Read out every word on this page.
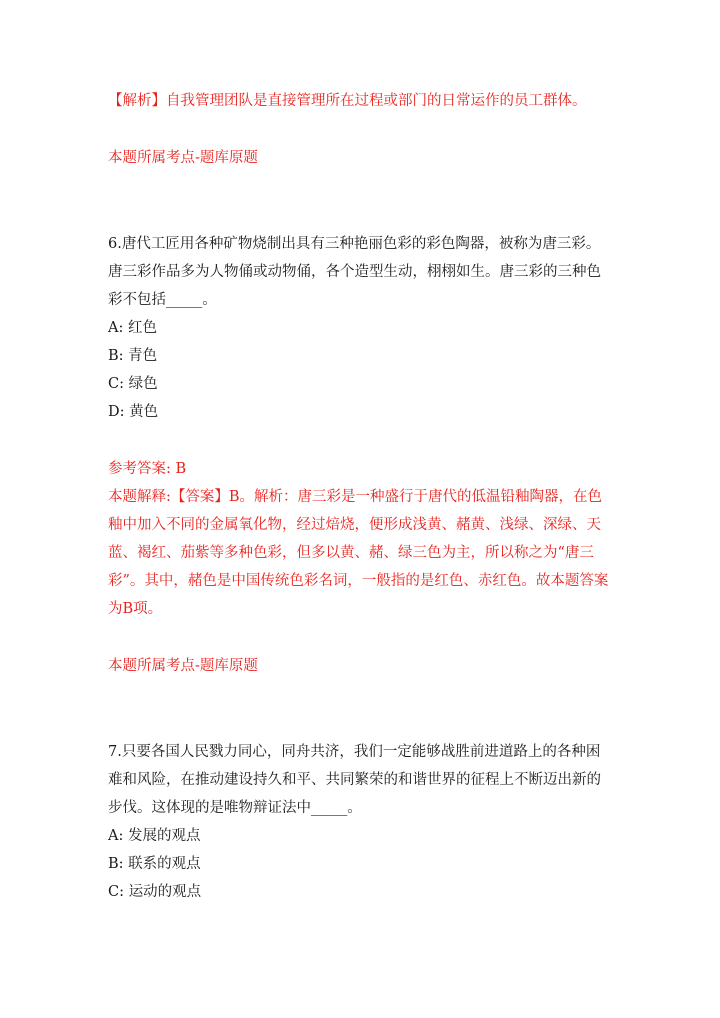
【解析】自我管理团队是直接管理所在过程或部门的日常运作的员工群体。
本题所属考点-题库原题
6.唐代工匠用各种矿物烧制出具有三种艳丽色彩的彩色陶器，被称为唐三彩。
唐三彩作品多为人物俑或动物俑，各个造型生动，栩栩如生。唐三彩的三种色
彩不包括_____。
A: 红色
B: 青色
C: 绿色
D: 黄色
参考答案: B
本题解释:【答案】B。解析：唐三彩是一种盛行于唐代的低温铅釉陶器，在色
釉中加入不同的金属氧化物，经过焙烧，便形成浅黄、赭黄、浅绿、深绿、天
蓝、褐红、茄紫等多种色彩，但多以黄、赭、绿三色为主，所以称之为“唐三
彩”。其中，赭色是中国传统色彩名词，一般指的是红色、赤红色。故本题答案
为B项。
本题所属考点-题库原题
7.只要各国人民戮力同心，同舟共济，我们一定能够战胜前进道路上的各种困
难和风险，在推动建设持久和平、共同繁荣的和谐世界的征程上不断迈出新的
步伐。这体现的是唯物辩证法中_____。
A: 发展的观点
B: 联系的观点
C: 运动的观点
